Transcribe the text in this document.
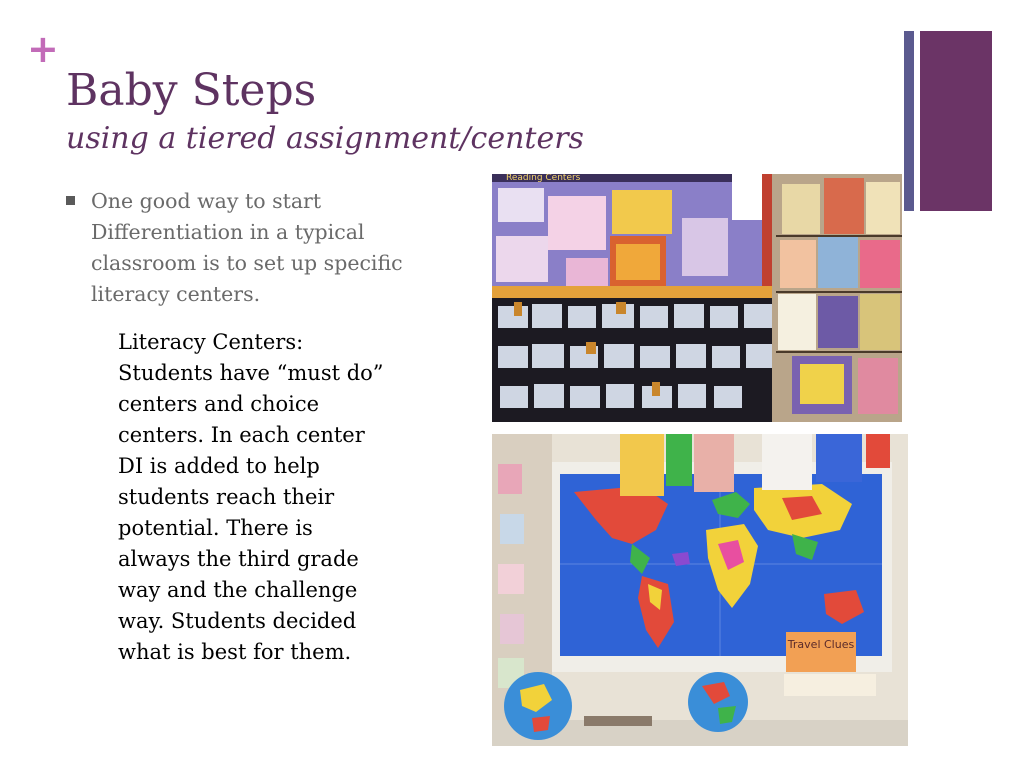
+
Baby Steps
using a tiered assignment/centers
One good way to start Differentiation in a typical classroom is to set up specific literacy centers.
Literacy Centers: Students have “must do” centers and choice centers. In each center DI is added to help students reach their potential. There is always the third grade way and the challenge way. Students decided what is best for them.
Reading Centers
Travel Clues
